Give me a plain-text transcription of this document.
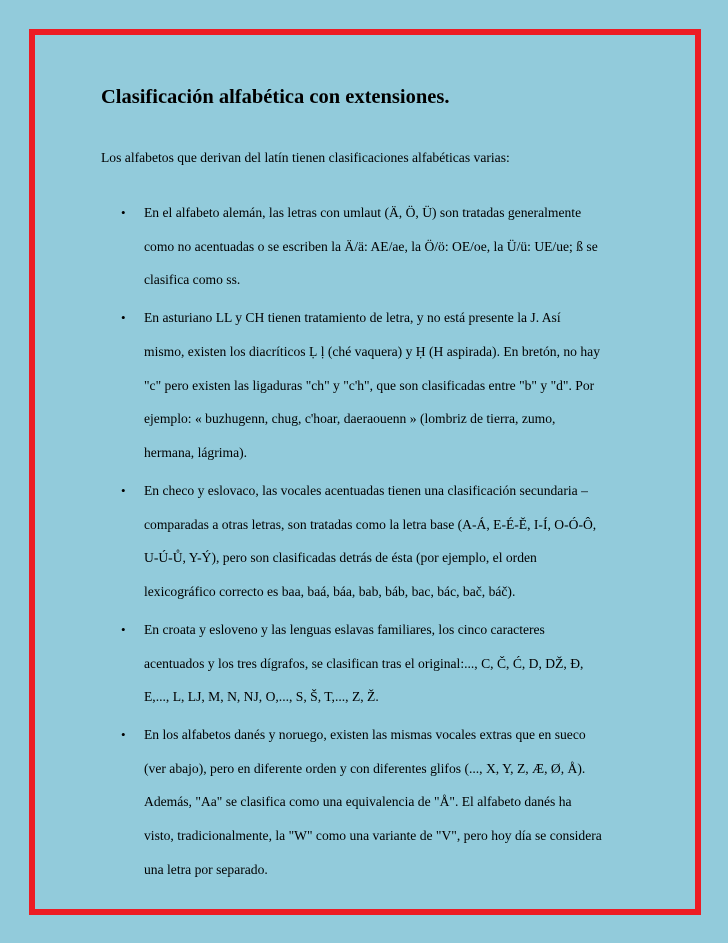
Clasificación alfabética con extensiones.

Los alfabetos que derivan del latín tienen clasificaciones alfabéticas varias:

• En el alfabeto alemán, las letras con umlaut (Ä, Ö, Ü) son tratadas generalmente
como no acentuadas o se escriben la Ä/ä: AE/ae, la Ö/ö: OE/oe, la Ü/ü: UE/ue; ß se
clasifica como ss.
• En asturiano LL y CH tienen tratamiento de letra, y no está presente la J. Así
mismo, existen los diacríticos Ḷ ḷ (ché vaquera) y Ḥ (H aspirada). En bretón, no hay
"c" pero existen las ligaduras "ch" y "c'h", que son clasificadas entre "b" y "d". Por
ejemplo: « buzhugenn, chug, c'hoar, daeraouenn » (lombriz de tierra, zumo,
hermana, lágrima).
• En checo y eslovaco, las vocales acentuadas tienen una clasificación secundaria –
comparadas a otras letras, son tratadas como la letra base (A-Á, E-É-Ě, I-Í, O-Ó-Ô,
U-Ú-Ů, Y-Ý), pero son clasificadas detrás de ésta (por ejemplo, el orden
lexicográfico correcto es baa, baá, báa, bab, báb, bac, bác, bač, báč).
• En croata y esloveno y las lenguas eslavas familiares, los cinco caracteres
acentuados y los tres dígrafos, se clasifican tras el original:..., C, Č, Ć, D, DŽ, Đ,
E,..., L, LJ, M, N, NJ, O,..., S, Š, T,..., Z, Ž.
• En los alfabetos danés y noruego, existen las mismas vocales extras que en sueco
(ver abajo), pero en diferente orden y con diferentes glifos (..., X, Y, Z, Æ, Ø, Å).
Además, "Aa" se clasifica como una equivalencia de "Å". El alfabeto danés ha
visto, tradicionalmente, la "W" como una variante de "V", pero hoy día se considera
una letra por separado.
